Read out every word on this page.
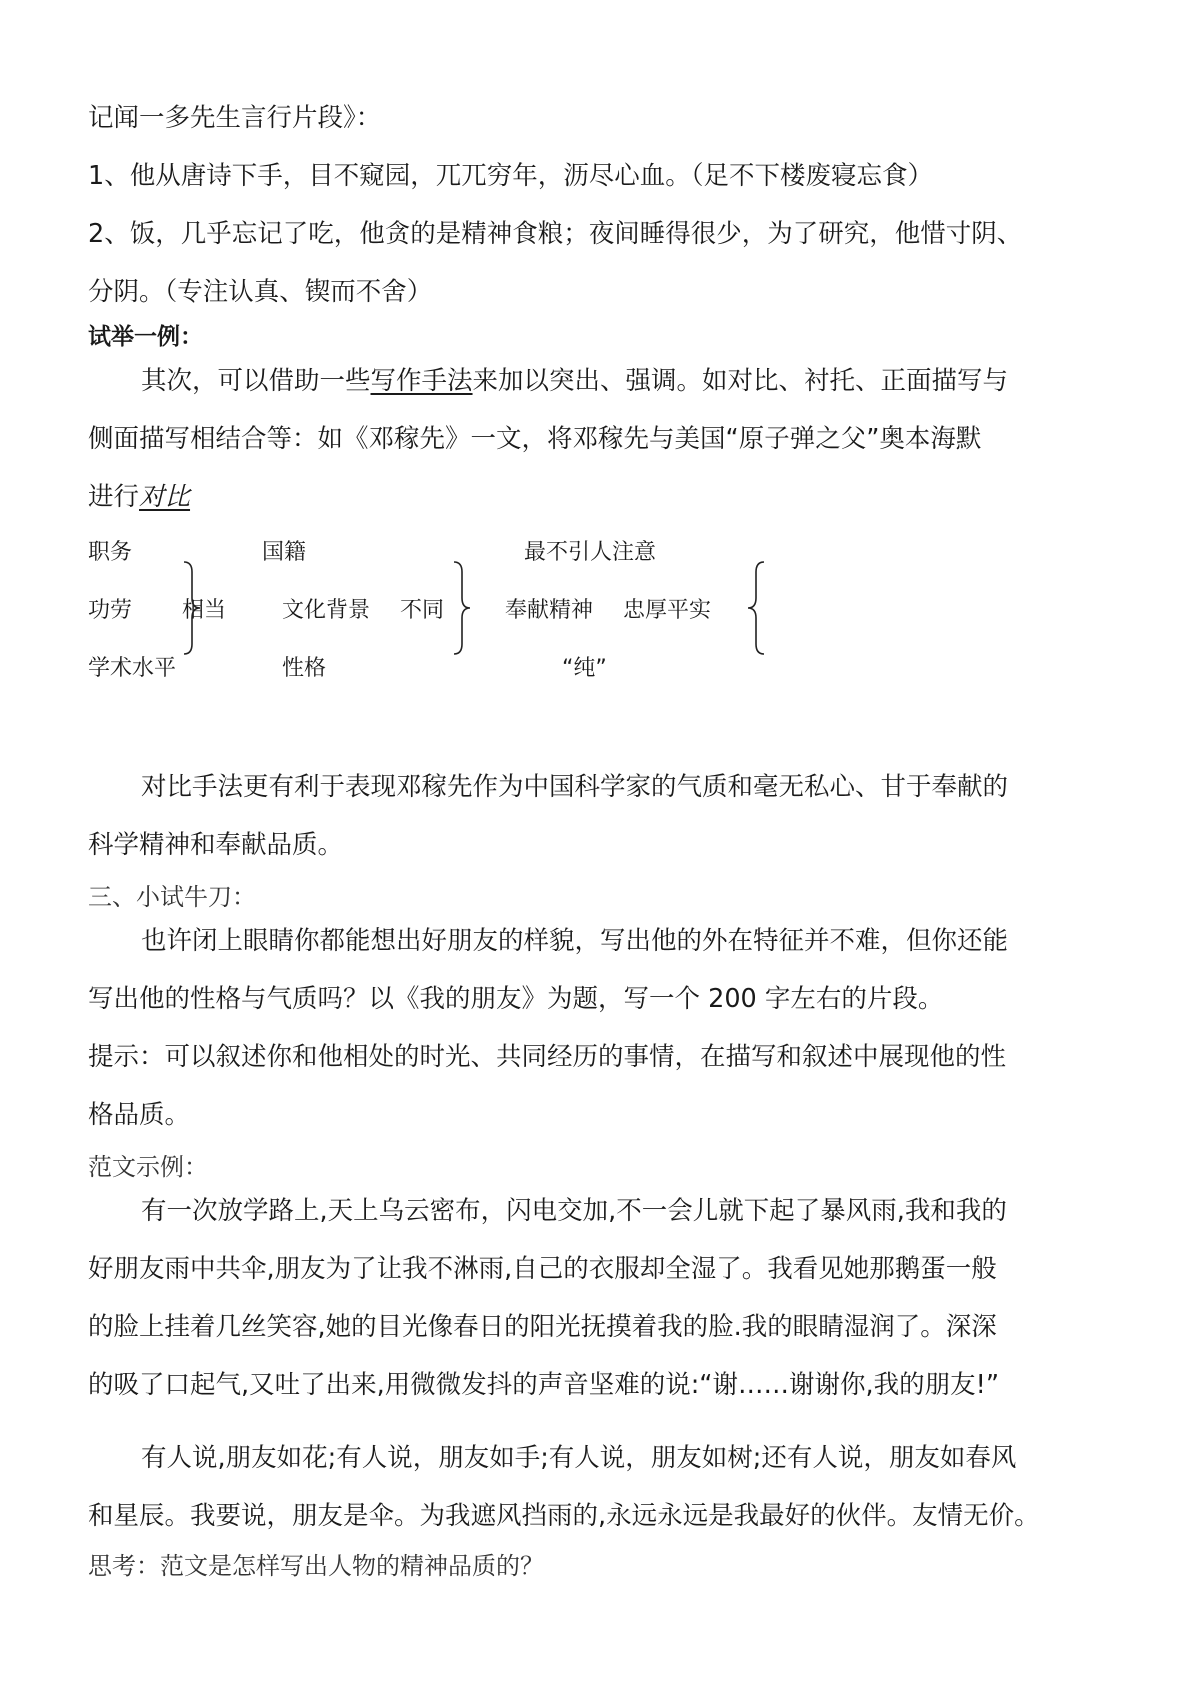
记闻一多先生言行片段》：
1、他从唐诗下手，目不窥园，兀兀穷年，沥尽心血。（足不下楼废寝忘食）
2、饭，几乎忘记了吃，他贪的是精神食粮；夜间睡得很少，为了研究，他惜寸阴、
分阴。（专注认真、锲而不舍）
试举一例：
其次，可以借助一些写作手法来加以突出、强调。如对比、衬托、正面描写与
侧面描写相结合等：如《邓稼先》一文，将邓稼先与美国“原子弹之父”奥本海默
进行对比
职务
功劳
学术水平
相当
国籍
文化背景 不同
性格
最不引人注意
奉献精神 忠厚平实
“纯”
对比手法更有利于表现邓稼先作为中国科学家的气质和毫无私心、甘于奉献的
科学精神和奉献品质。
三、小试牛刀：
也许闭上眼睛你都能想出好朋友的样貌，写出他的外在特征并不难，但你还能
写出他的性格与气质吗？以《我的朋友》为题，写一个 200 字左右的片段。
提示：可以叙述你和他相处的时光、共同经历的事情，在描写和叙述中展现他的性
格品质。
范文示例：
有一次放学路上,天上乌云密布，闪电交加,不一会儿就下起了暴风雨,我和我的
好朋友雨中共伞,朋友为了让我不淋雨,自己的衣服却全湿了。我看见她那鹅蛋一般
的脸上挂着几丝笑容,她的目光像春日的阳光抚摸着我的脸.我的眼睛湿润了。深深
的吸了口起气,又吐了出来,用微微发抖的声音坚难的说:“谢……谢谢你,我的朋友!”
有人说,朋友如花;有人说，朋友如手;有人说，朋友如树;还有人说，朋友如春风
和星辰。我要说，朋友是伞。为我遮风挡雨的,永远永远是我最好的伙伴。友情无价。
思考：范文是怎样写出人物的精神品质的？
